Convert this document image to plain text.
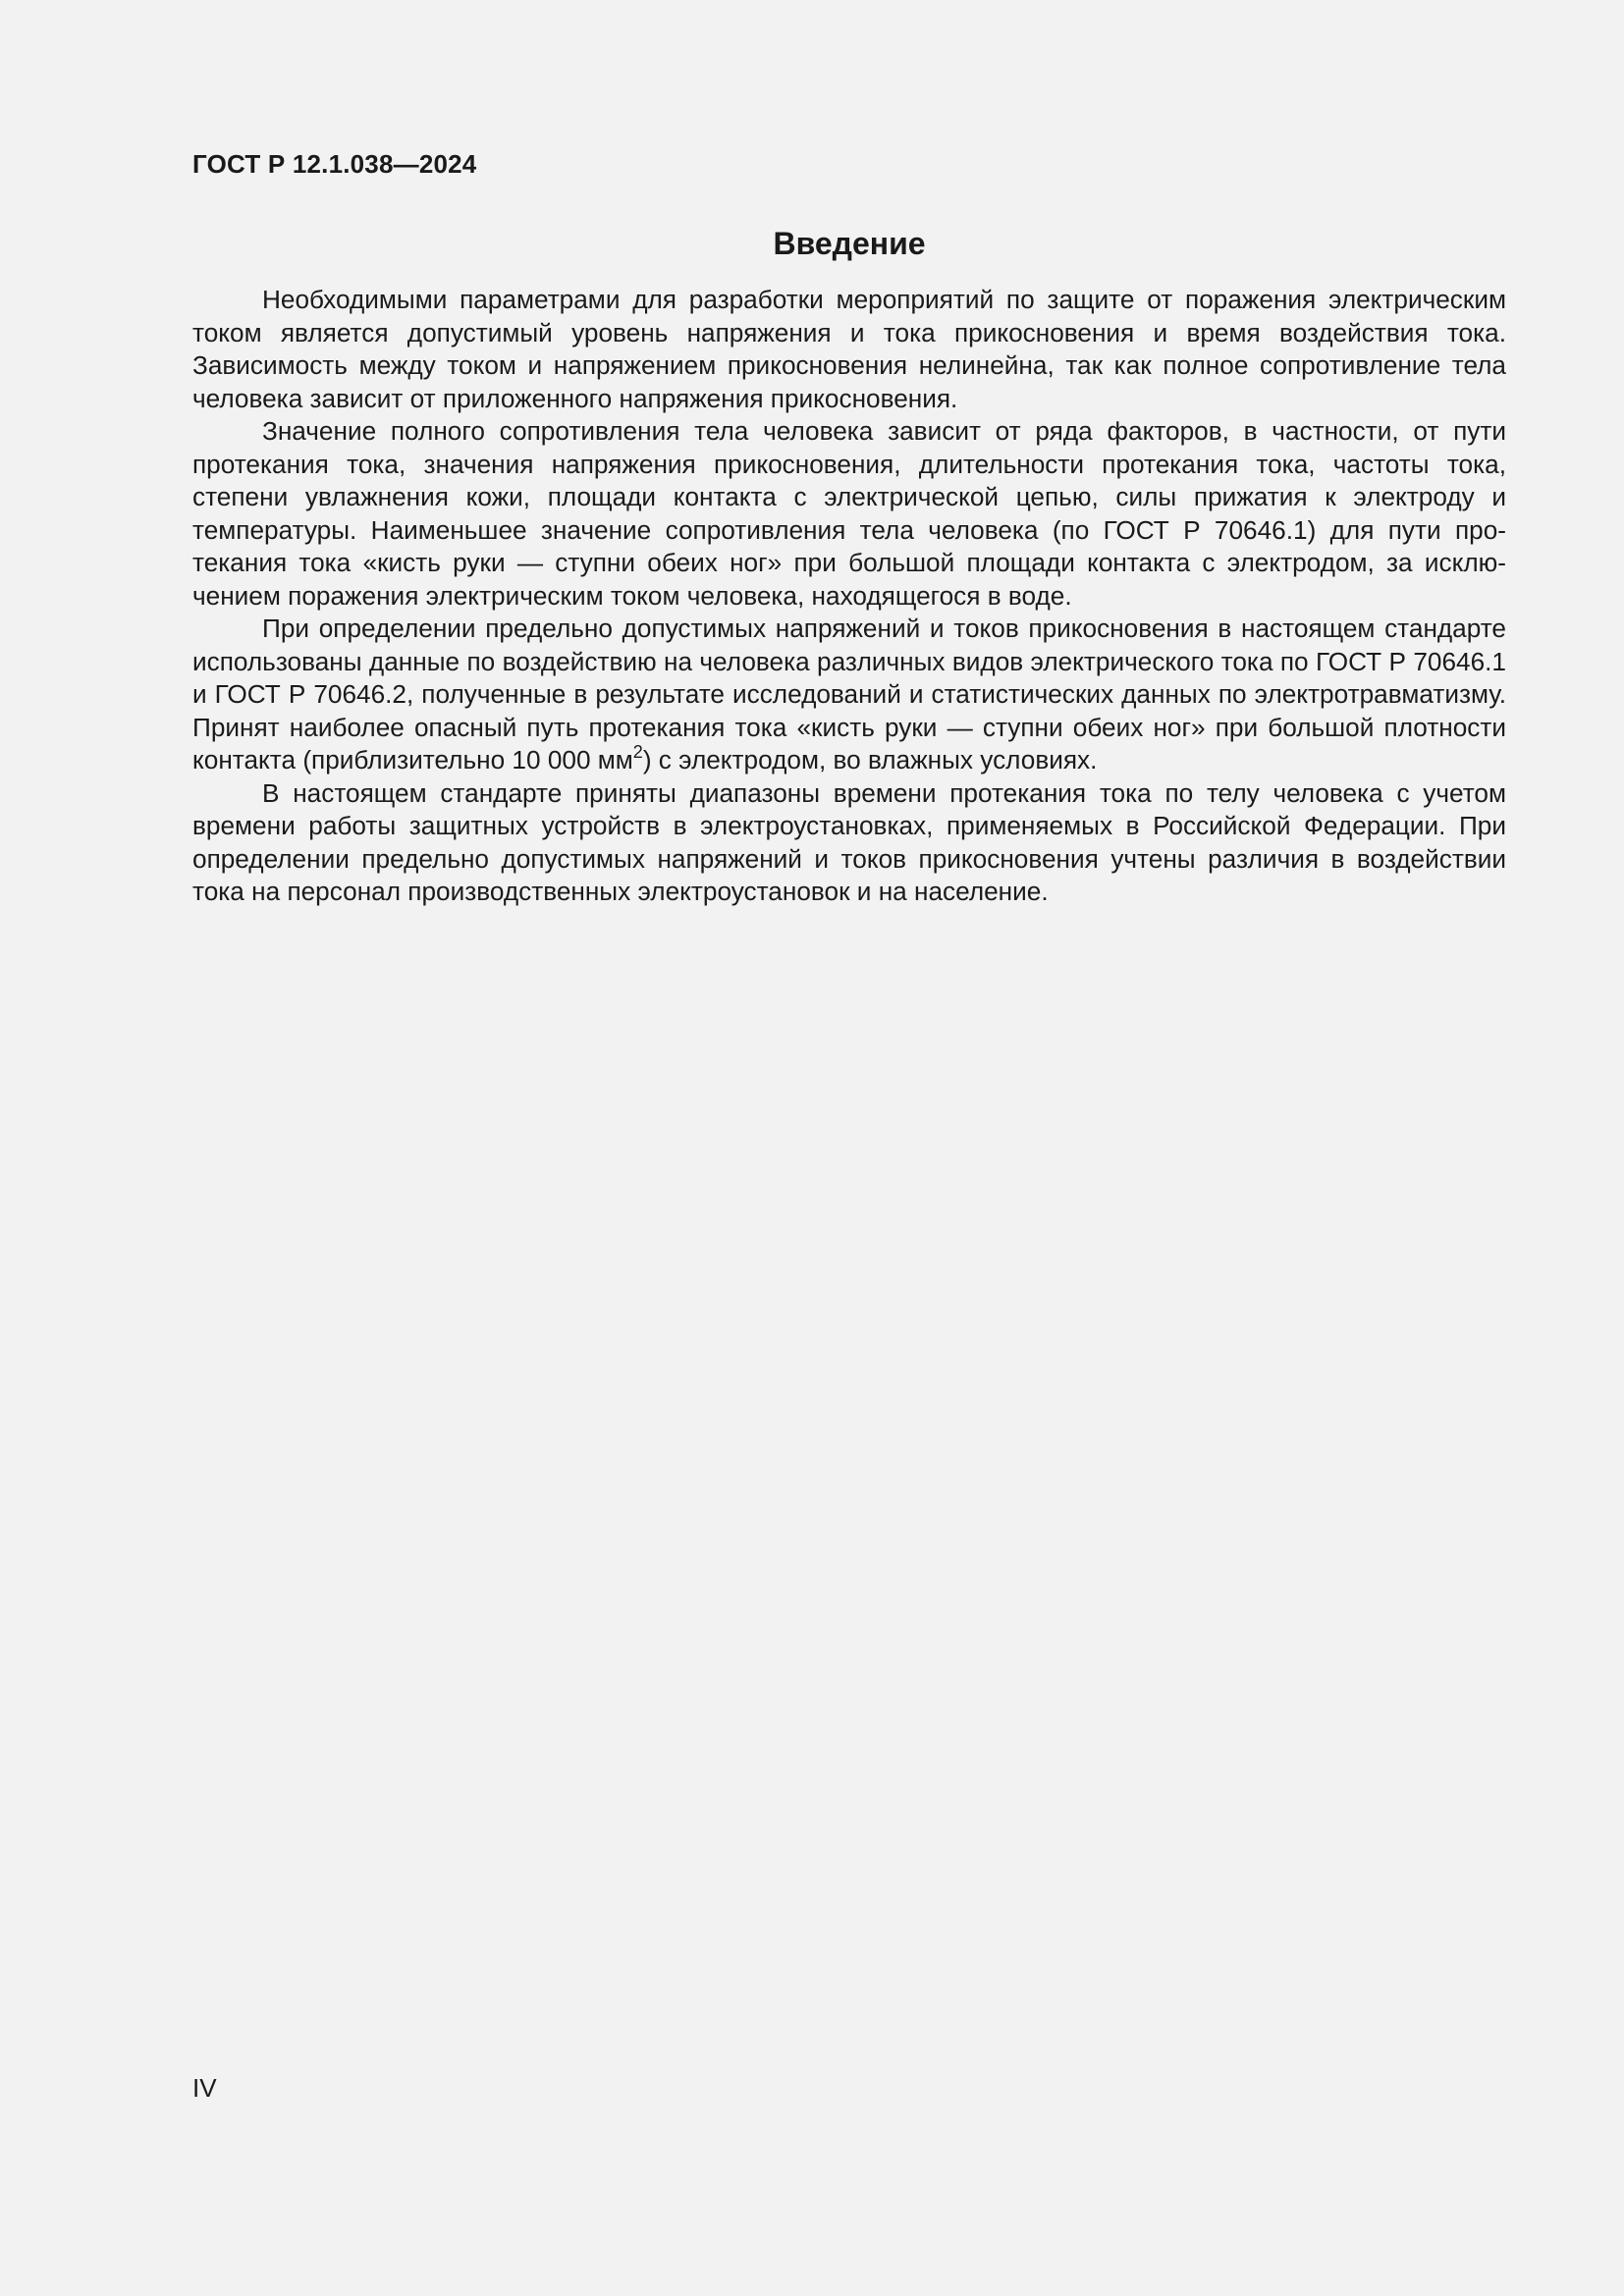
ГОСТ Р 12.1.038—2024
Введение

Необходимыми параметрами для разработки мероприятий по защите от поражения электрическим током является допустимый уровень напряжения и тока прикосновения и время воздействия тока. Зависимость между током и напряжением прикосновения нелинейна, так как полное сопротивление тела человека зависит от приложенного напряжения прикосновения.

Значение полного сопротивления тела человека зависит от ряда факторов, в частности, от пути протекания тока, значения напряжения прикосновения, длительности протекания тока, частоты тока, степени увлажнения кожи, площади контакта с электрической цепью, силы прижатия к электроду и температуры. Наименьшее значение сопротивления тела человека (по ГОСТ Р 70646.1) для пути протекания тока «кисть руки — ступни обеих ног» при большой площади контакта с электродом, за исключением поражения электрическим током человека, находящегося в воде.

При определении предельно допустимых напряжений и токов прикосновения в настоящем стандарте использованы данные по воздействию на человека различных видов электрического тока по ГОСТ Р 70646.1 и ГОСТ Р 70646.2, полученные в результате исследований и статистических данных по электротравматизму. Принят наиболее опасный путь протекания тока «кисть руки — ступни обеих ног» при большой плотности контакта (приблизительно 10 000 $мм^2$) с электродом, во влажных условиях.

В настоящем стандарте приняты диапазоны времени протекания тока по телу человека с учетом времени работы защитных устройств в электроустановках, применяемых в Российской Федерации. При определении предельно допустимых напряжений и токов прикосновения учтены различия в воздействии тока на персонал производственных электроустановок и на население.

IV
